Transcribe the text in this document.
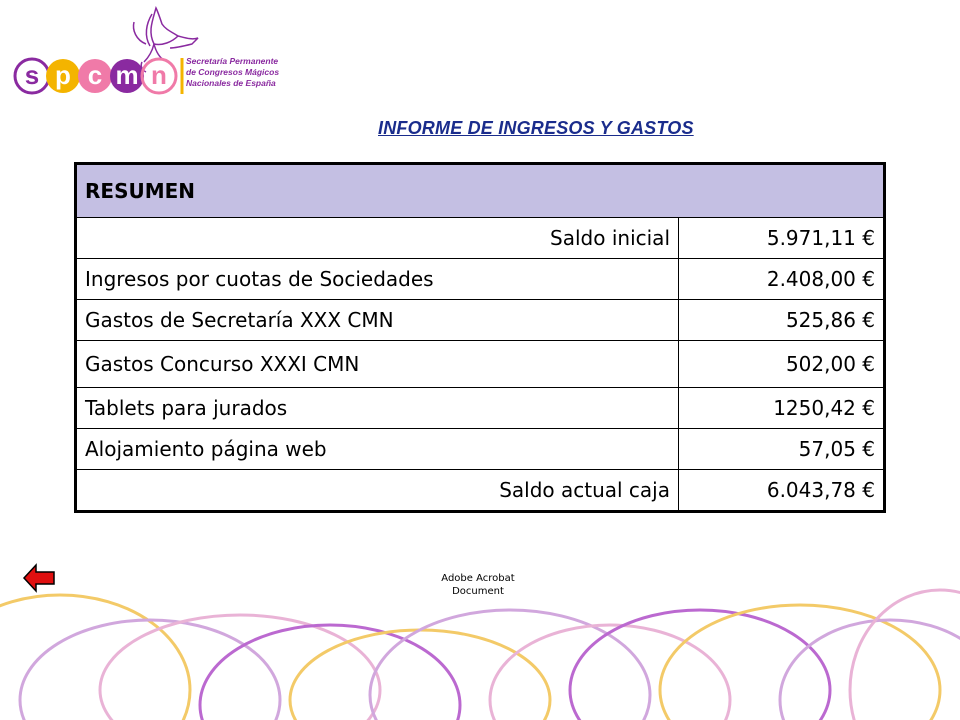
s p c m n Secretaría Permanente
de Congresos Mágicos
Nacionales de España
INFORME DE INGRESOS Y GASTOS
RESUMEN	
Saldo inicial	5.971,11 €
Ingresos por cuotas de Sociedades	2.408,00 €
Gastos de Secretaría XXX CMN	525,86 €
Gastos Concurso XXXI CMN	502,00 €
Tablets para jurados	1250,42 €
Alojamiento página web	57,05 €
Saldo actual caja	6.043,78 €
Adobe Acrobat
Document
